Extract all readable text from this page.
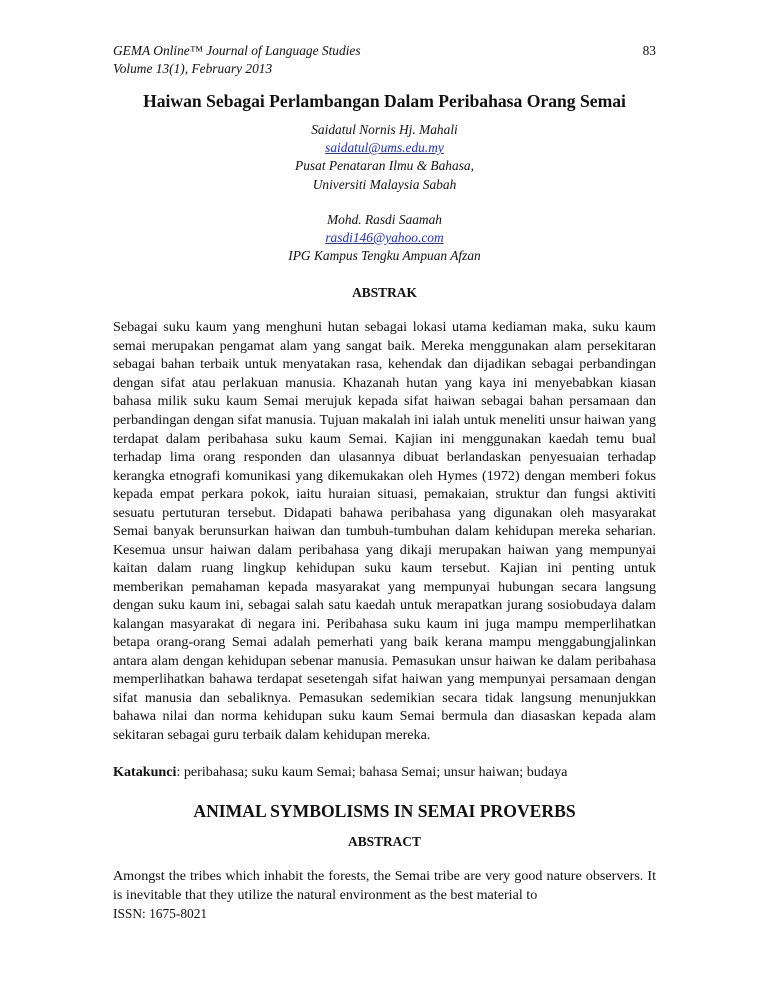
GEMA Online™ Journal of Language Studies
Volume 13(1), February 2013
83
Haiwan Sebagai Perlambangan Dalam Peribahasa Orang Semai
Saidatul Nornis Hj. Mahali
saidatul@ums.edu.my
Pusat Penataran Ilmu & Bahasa,
Universiti Malaysia Sabah
Mohd. Rasdi Saamah
rasdi146@yahoo.com
IPG Kampus Tengku Ampuan Afzan
ABSTRAK
Sebagai suku kaum yang menghuni hutan sebagai lokasi utama kediaman maka, suku kaum semai merupakan pengamat alam yang sangat baik. Mereka menggunakan alam persekitaran sebagai bahan terbaik untuk menyatakan rasa, kehendak dan dijadikan sebagai perbandingan dengan sifat atau perlakuan manusia. Khazanah hutan yang kaya ini menyebabkan kiasan bahasa milik suku kaum Semai merujuk kepada sifat haiwan sebagai bahan persamaan dan perbandingan dengan sifat manusia. Tujuan makalah ini ialah untuk meneliti unsur haiwan yang terdapat dalam peribahasa suku kaum Semai. Kajian ini menggunakan kaedah temu bual terhadap lima orang responden dan ulasannya dibuat berlandaskan penyesuaian terhadap kerangka etnografi komunikasi yang dikemukakan oleh Hymes (1972) dengan memberi fokus kepada empat perkara pokok, iaitu huraian situasi, pemakaian, struktur dan fungsi aktiviti sesuatu pertuturan tersebut. Didapati bahawa peribahasa yang digunakan oleh masyarakat Semai banyak berunsurkan haiwan dan tumbuh-tumbuhan dalam kehidupan mereka seharian. Kesemua unsur haiwan dalam peribahasa yang dikaji merupakan haiwan yang mempunyai kaitan dalam ruang lingkup kehidupan suku kaum tersebut. Kajian ini penting untuk memberikan pemahaman kepada masyarakat yang mempunyai hubungan secara langsung dengan suku kaum ini, sebagai salah satu kaedah untuk merapatkan jurang sosiobudaya dalam kalangan masyarakat di negara ini. Peribahasa suku kaum ini juga mampu memperlihatkan betapa orang-orang Semai adalah pemerhati yang baik kerana mampu menggabungjalinkan antara alam dengan kehidupan sebenar manusia. Pemasukan unsur haiwan ke dalam peribahasa memperlihatkan bahawa terdapat sesetengah sifat haiwan yang mempunyai persamaan dengan sifat manusia dan sebaliknya. Pemasukan sedemikian secara tidak langsung menunjukkan bahawa nilai dan norma kehidupan suku kaum Semai bermula dan diasaskan kepada alam sekitaran sebagai guru terbaik dalam kehidupan mereka.
Katakunci: peribahasa; suku kaum Semai; bahasa Semai; unsur haiwan; budaya
ANIMAL SYMBOLISMS IN SEMAI PROVERBS
ABSTRACT
Amongst the tribes which inhabit the forests, the Semai tribe are very good nature observers. It is inevitable that they utilize the natural environment as the best material to
ISSN: 1675-8021
